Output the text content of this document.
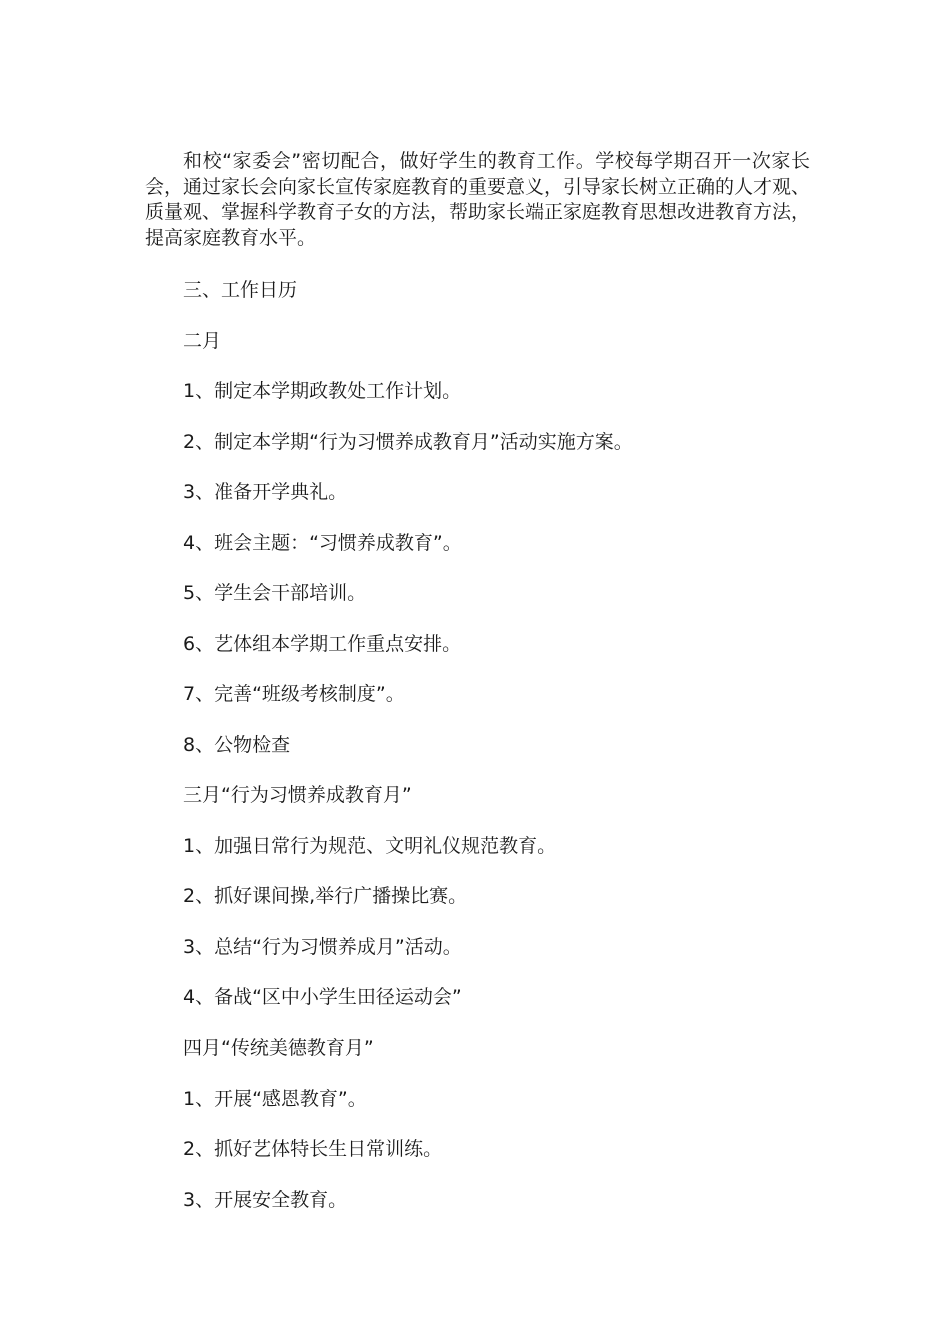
和校“家委会”密切配合，做好学生的教育工作。学校每学期召开一次家长会，通过家长会向家长宣传家庭教育的重要意义，引导家长树立正确的人才观、质量观、掌握科学教育子女的方法，帮助家长端正家庭教育思想改进教育方法，提高家庭教育水平。

三、工作日历

二月

1、制定本学期政教处工作计划。

2、制定本学期“行为习惯养成教育月”活动实施方案。

3、准备开学典礼。

4、班会主题：“习惯养成教育”。

5、学生会干部培训。

6、艺体组本学期工作重点安排。

7、完善“班级考核制度”。

8、公物检查

三月“行为习惯养成教育月”

1、加强日常行为规范、文明礼仪规范教育。

2、抓好课间操,举行广播操比赛。

3、总结“行为习惯养成月”活动。

4、备战“区中小学生田径运动会”

四月“传统美德教育月”

1、开展“感恩教育”。

2、抓好艺体特长生日常训练。

3、开展安全教育。
